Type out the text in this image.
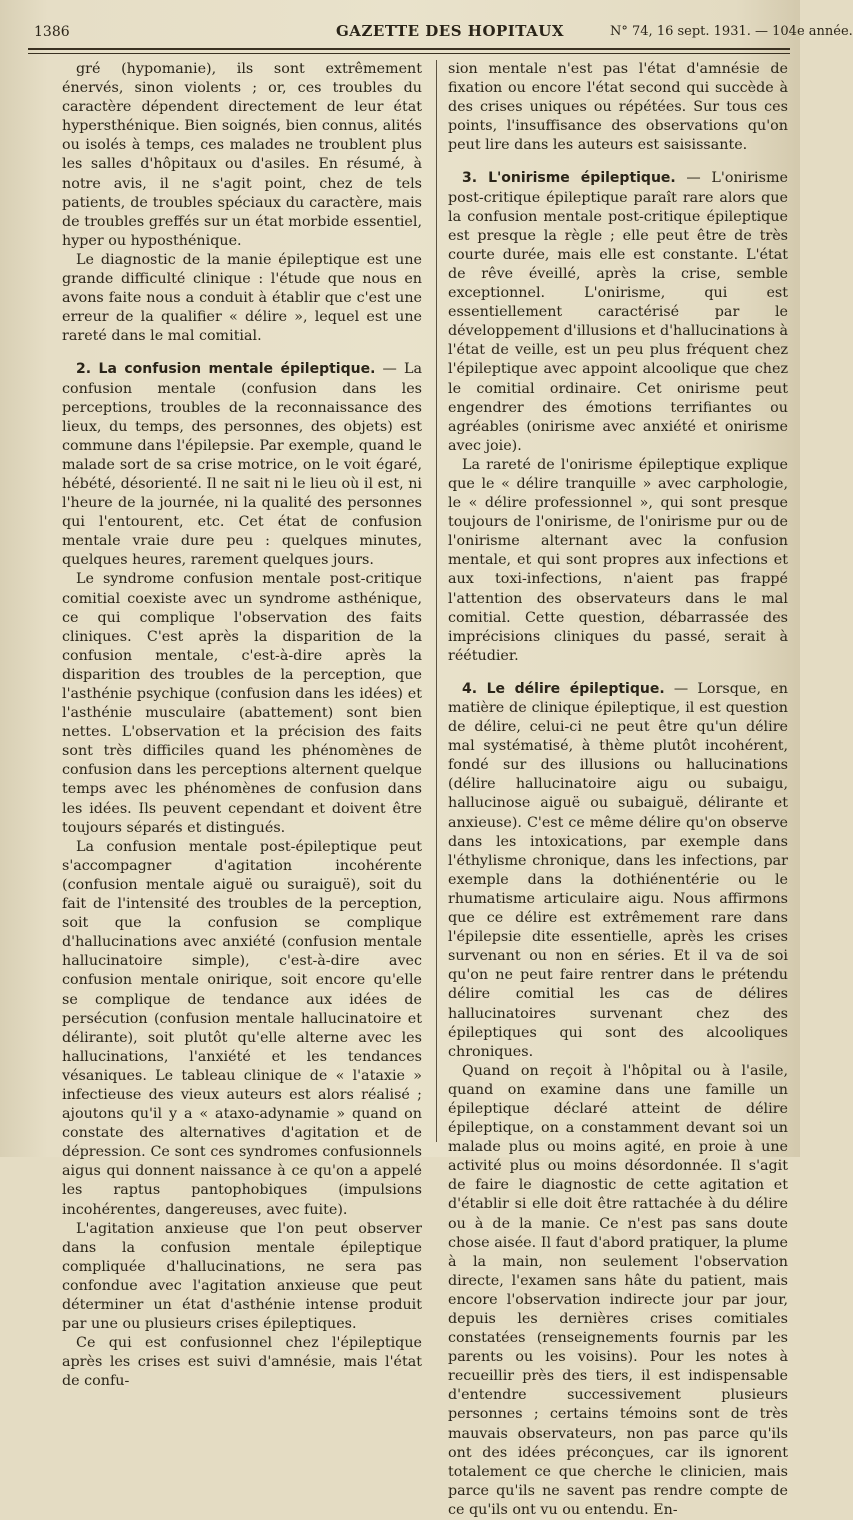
1386	GAZETTE DES HOPITAUX	N° 74, 16 sept. 1931. — 104e année.

gré (hypomanie), ils sont extrêmement énervés, sinon violents ; or, ces troubles du caractère dépendent directement de leur état hypersthénique. Bien soignés, bien connus, alités ou isolés à temps, ces malades ne troublent plus les salles d'hôpitaux ou d'asiles. En résumé, à notre avis, il ne s'agit point, chez de tels patients, de troubles spéciaux du caractère, mais de troubles greffés sur un état morbide essentiel, hyper ou hyposthénique.

Le diagnostic de la manie épileptique est une grande difficulté clinique : l'étude que nous en avons faite nous a conduit à établir que c'est une erreur de la qualifier « délire », lequel est une rareté dans le mal comitial.

2. La confusion mentale épileptique. — La confusion mentale (confusion dans les perceptions, troubles de la reconnaissance des lieux, du temps, des personnes, des objets) est commune dans l'épilepsie. Par exemple, quand le malade sort de sa crise motrice, on le voit égaré, hébété, désorienté. Il ne sait ni le lieu où il est, ni l'heure de la journée, ni la qualité des personnes qui l'entourent, etc. Cet état de confusion mentale vraie dure peu : quelques minutes, quelques heures, rarement quelques jours.

Le syndrome confusion mentale post-critique comitial coexiste avec un syndrome asthénique, ce qui complique l'observation des faits cliniques. C'est après la disparition de la confusion mentale, c'est-à-dire après la disparition des troubles de la perception, que l'asthénie psychique (confusion dans les idées) et l'asthénie musculaire (abattement) sont bien nettes. L'observation et la précision des faits sont très difficiles quand les phénomènes de confusion dans les perceptions alternent quelque temps avec les phénomènes de confusion dans les idées. Ils peuvent cependant et doivent être toujours séparés et distingués.

La confusion mentale post-épileptique peut s'accompagner d'agitation incohérente (confusion mentale aiguë ou suraiguë), soit du fait de l'intensité des troubles de la perception, soit que la confusion se complique d'hallucinations avec anxiété (confusion mentale hallucinatoire simple), c'est-à-dire avec confusion mentale onirique, soit encore qu'elle se complique de tendance aux idées de persécution (confusion mentale hallucinatoire et délirante), soit plutôt qu'elle alterne avec les hallucinations, l'anxiété et les tendances vésaniques. Le tableau clinique de « l'ataxie » infectieuse des vieux auteurs est alors réalisé ; ajoutons qu'il y a « ataxo-adynamie » quand on constate des alternatives d'agitation et de dépression. Ce sont ces syndromes confusionnels aigus qui donnent naissance à ce qu'on a appelé les raptus pantophobiques (impulsions incohérentes, dangereuses, avec fuite).

L'agitation anxieuse que l'on peut observer dans la confusion mentale épileptique compliquée d'hallucinations, ne sera pas confondue avec l'agitation anxieuse que peut déterminer un état d'asthénie intense produit par une ou plusieurs crises épileptiques.

Ce qui est confusionnel chez l'épileptique après les crises est suivi d'amnésie, mais l'état de confu-

sion mentale n'est pas l'état d'amnésie de fixation ou encore l'état second qui succède à des crises uniques ou répétées. Sur tous ces points, l'insuffisance des observations qu'on peut lire dans les auteurs est saisissante.

3. L'onirisme épileptique. — L'onirisme post-critique épileptique paraît rare alors que la confusion mentale post-critique épileptique est presque la règle ; elle peut être de très courte durée, mais elle est constante. L'état de rêve éveillé, après la crise, semble exceptionnel. L'onirisme, qui est essentiellement caractérisé par le développement d'illusions et d'hallucinations à l'état de veille, est un peu plus fréquent chez l'épileptique avec appoint alcoolique que chez le comitial ordinaire. Cet onirisme peut engendrer des émotions terrifiantes ou agréables (onirisme avec anxiété et onirisme avec joie).

La rareté de l'onirisme épileptique explique que le « délire tranquille » avec carphologie, le « délire professionnel », qui sont presque toujours de l'onirisme, de l'onirisme pur ou de l'onirisme alternant avec la confusion mentale, et qui sont propres aux infections et aux toxi-infections, n'aient pas frappé l'attention des observateurs dans le mal comitial. Cette question, débarrassée des imprécisions cliniques du passé, serait à réétudier.

4. Le délire épileptique. — Lorsque, en matière de clinique épileptique, il est question de délire, celui-ci ne peut être qu'un délire mal systématisé, à thème plutôt incohérent, fondé sur des illusions ou hallucinations (délire hallucinatoire aigu ou subaigu, hallucinose aiguë ou subaiguë, délirante et anxieuse). C'est ce même délire qu'on observe dans les intoxications, par exemple dans l'éthylisme chronique, dans les infections, par exemple dans la dothiénentérie ou le rhumatisme articulaire aigu. Nous affirmons que ce délire est extrêmement rare dans l'épilepsie dite essentielle, après les crises survenant ou non en séries. Et il va de soi qu'on ne peut faire rentrer dans le prétendu délire comitial les cas de délires hallucinatoires survenant chez des épileptiques qui sont des alcooliques chroniques.

Quand on reçoit à l'hôpital ou à l'asile, quand on examine dans une famille un épileptique déclaré atteint de délire épileptique, on a constamment devant soi un malade plus ou moins agité, en proie à une activité plus ou moins désordonnée. Il s'agit de faire le diagnostic de cette agitation et d'établir si elle doit être rattachée à du délire ou à de la manie. Ce n'est pas sans doute chose aisée. Il faut d'abord pratiquer, la plume à la main, non seulement l'observation directe, l'examen sans hâte du patient, mais encore l'observation indirecte jour par jour, depuis les dernières crises comitiales constatées (renseignements fournis par les parents ou les voisins). Pour les notes à recueillir près des tiers, il est indispensable d'entendre successivement plusieurs personnes ; certains témoins sont de très mauvais observateurs, non pas parce qu'ils ont des idées préconçues, car ils ignorent totalement ce que cherche le clinicien, mais parce qu'ils ne savent pas rendre compte de ce qu'ils ont vu ou entendu. En-
